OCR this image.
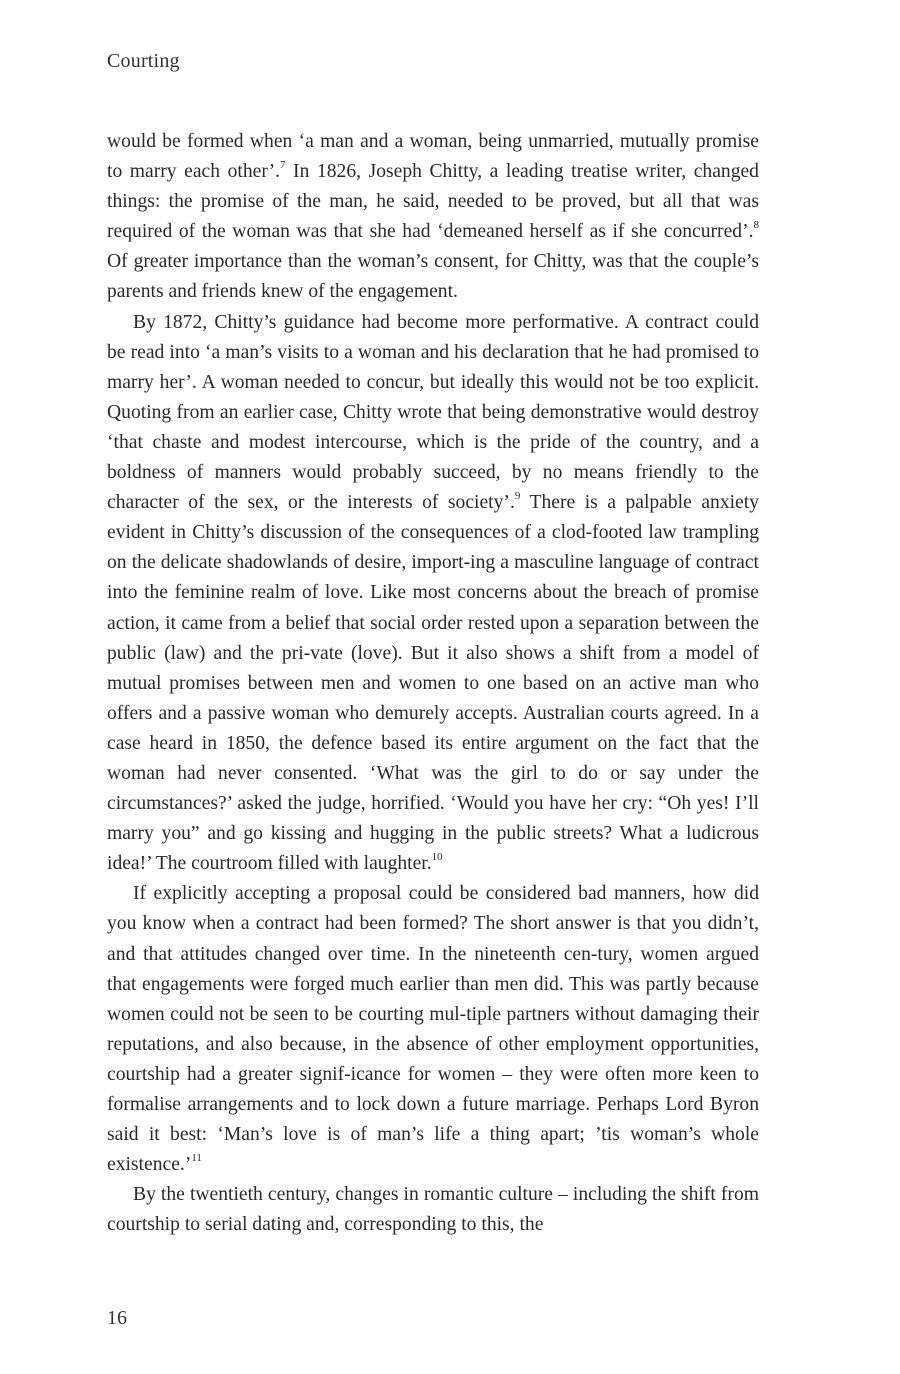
Courting

would be formed when ‘a man and a woman, being unmarried, mutually promise to marry each other’.$^7$ In 1826, Joseph Chitty, a leading treatise writer, changed things: the promise of the man, he said, needed to be proved, but all that was required of the woman was that she had ‘demeaned herself as if she concurred’.$^8$ Of greater importance than the woman’s consent, for Chitty, was that the couple’s parents and friends knew of the engagement.

By 1872, Chitty’s guidance had become more performative. A contract could be read into ‘a man’s visits to a woman and his declaration that he had promised to marry her’. A woman needed to concur, but ideally this would not be too explicit. Quoting from an earlier case, Chitty wrote that being demonstrative would destroy ‘that chaste and modest intercourse, which is the pride of the country, and a boldness of manners would probably succeed, by no means friendly to the character of the sex, or the interests of society’.$^9$ There is a palpable anxiety evident in Chitty’s discussion of the consequences of a clod-footed law trampling on the delicate shadowlands of desire, import-ing a masculine language of contract into the feminine realm of love. Like most concerns about the breach of promise action, it came from a belief that social order rested upon a separation between the public (law) and the pri-vate (love). But it also shows a shift from a model of mutual promises between men and women to one based on an active man who offers and a passive woman who demurely accepts. Australian courts agreed. In a case heard in 1850, the defence based its entire argument on the fact that the woman had never consented. ‘What was the girl to do or say under the circumstances?’ asked the judge, horrified. ‘Would you have her cry: “Oh yes! I’ll marry you” and go kissing and hugging in the public streets? What a ludicrous idea!’ The courtroom filled with laughter.$^{10}$

If explicitly accepting a proposal could be considered bad manners, how did you know when a contract had been formed? The short answer is that you didn’t, and that attitudes changed over time. In the nineteenth cen-tury, women argued that engagements were forged much earlier than men did. This was partly because women could not be seen to be courting mul-tiple partners without damaging their reputations, and also because, in the absence of other employment opportunities, courtship had a greater signif-icance for women – they were often more keen to formalise arrangements and to lock down a future marriage. Perhaps Lord Byron said it best: ‘Man’s love is of man’s life a thing apart; ’tis woman’s whole existence.’$^{11}$

By the twentieth century, changes in romantic culture – including the shift from courtship to serial dating and, corresponding to this, the

16
